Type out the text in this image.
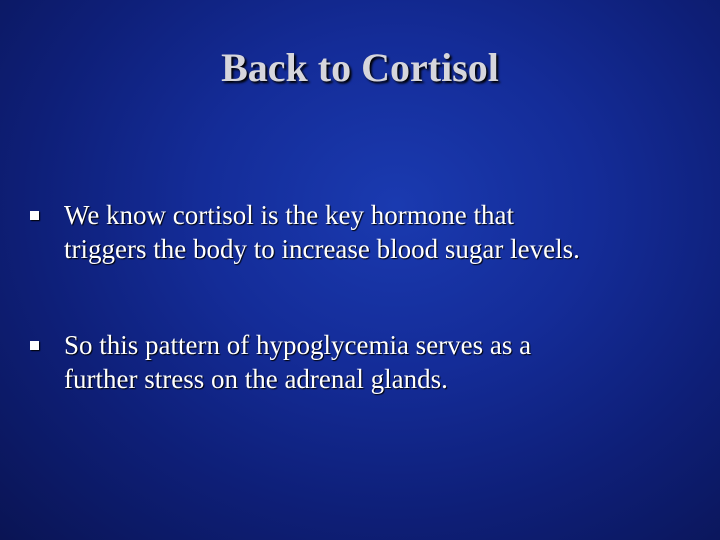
Back to Cortisol
We know cortisol is the key hormone that
triggers the body to increase blood sugar levels.
So this pattern of hypoglycemia serves as a
further stress on the adrenal glands.
